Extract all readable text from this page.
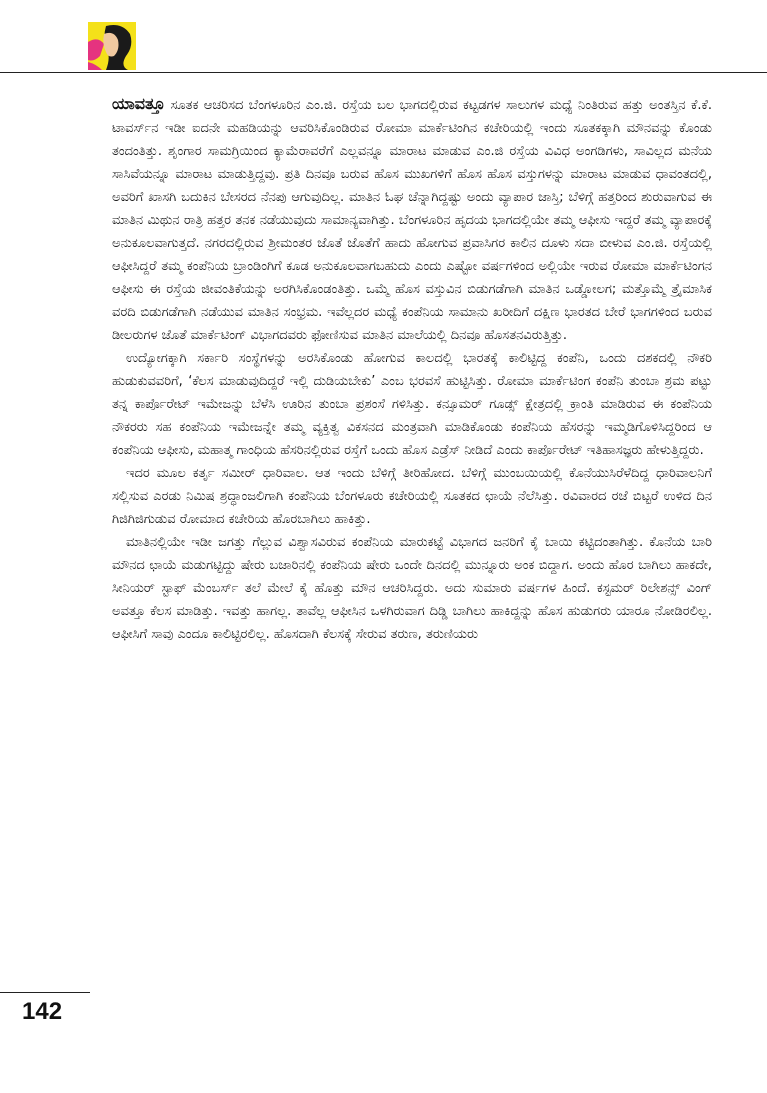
ಯಾವತ್ತೂ ಸೂತಕ ಆಚರಿಸದ ಬೆಂಗಳೂರಿನ ಎಂ.ಜಿ. ರಸ್ತೆಯ ಬಲ ಭಾಗದಲ್ಲಿರುವ ಕಟ್ಟಡಗಳ ಸಾಲುಗಳ ಮಧ್ಯೆ ನಿಂತಿರುವ ಹತ್ತು ಅಂತಸ್ತಿನ ಕೆ.ಕೆ. ಟಾವರ್ಸ್‌ನ ಇಡೀ ಐದನೇ ಮಹಡಿಯನ್ನು ಆವರಿಸಿಕೊಂಡಿರುವ ರೋಮಾ ಮಾರ್ಕೆಟಿಂಗಿನ ಕಚೇರಿಯಲ್ಲಿ ಇಂದು ಸೂತಕಕ್ಕಾಗಿ ಮೌನವನ್ನು ಕೊಂಡು ತಂದಂತಿತ್ತು. ಶೃಂಗಾರ ಸಾಮಗ್ರಿಯಿಂದ ಕ್ಯಾಮೆರಾವರೆಗೆ ಎಲ್ಲವನ್ನೂ ಮಾರಾಟ ಮಾಡುವ ಎಂ.ಜಿ ರಸ್ತೆಯ ವಿವಿಧ ಅಂಗಡಿಗಳು, ಸಾವಿಲ್ಲದ ಮನೆಯ ಸಾಸಿವೆಯನ್ನೂ ಮಾರಾಟ ಮಾಡುತ್ತಿದ್ದವು. ಪ್ರತಿ ದಿನವೂ ಬರುವ ಹೊಸ ಮುಖಗಳಿಗೆ ಹೊಸ ಹೊಸ ವಸ್ತುಗಳನ್ನು ಮಾರಾಟ ಮಾಡುವ ಧಾವಂತದಲ್ಲಿ, ಅವರಿಗೆ ಖಾಸಗಿ ಬದುಕಿನ ಬೇಸರದ ನೆನಪು ಆಗುವುದಿಲ್ಲ. ಮಾತಿನ ಓಘ ಚೆನ್ನಾಗಿದ್ದಷ್ಟು ಅಂದು ವ್ಯಾಪಾರ ಜಾಸ್ತಿ; ಬೆಳಿಗ್ಗೆ ಹತ್ತರಿಂದ ಶುರುವಾಗುವ ಈ ಮಾತಿನ ಮಿಥುನ ರಾತ್ರಿ ಹತ್ತರ ತನಕ ನಡೆಯುವುದು ಸಾಮಾನ್ಯವಾಗಿತ್ತು. ಬೆಂಗಳೂರಿನ ಹೃದಯ ಭಾಗದಲ್ಲಿಯೇ ತಮ್ಮ ಆಫೀಸು ಇದ್ದರೆ ತಮ್ಮ ವ್ಯಾಪಾರಕ್ಕೆ ಅನುಕೂಲವಾಗುತ್ತದೆ. ನಗರದಲ್ಲಿರುವ ಶ್ರೀಮಂತರ ಜೊತೆ ಜೊತೆಗೆ ಹಾದು ಹೋಗುವ ಪ್ರವಾಸಿಗರ ಕಾಲಿನ ದೂಳು ಸದಾ ಬೀಳುವ ಎಂ.ಜಿ. ರಸ್ತೆಯಲ್ಲಿ ಆಫೀಸಿದ್ದರೆ ತಮ್ಮ ಕಂಪೆನಿಯ ಬ್ರಾಂಡಿಂಗಿಗೆ ಕೂಡ ಅನುಕೂಲವಾಗಬಹುದು ಎಂದು ಎಷ್ಟೋ ವರ್ಷಗಳಿಂದ ಅಲ್ಲಿಯೇ ಇರುವ ರೋಮಾ ಮಾರ್ಕೆಟಿಂಗನ ಆಫೀಸು ಈ ರಸ್ತೆಯ ಜೀವಂತಿಕೆಯನ್ನು ಅರಗಿಸಿಕೊಂಡಂತಿತ್ತು. ಒಮ್ಮೆ ಹೊಸ ವಸ್ತುವಿನ ಬಿಡುಗಡೆಗಾಗಿ ಮಾತಿನ ಒಡ್ಡೋಲಗ; ಮತ್ತೊಮ್ಮೆ ತ್ರೈಮಾಸಿಕ ವರದಿ ಬಿಡುಗಡೆಗಾಗಿ ನಡೆಯುವ ಮಾತಿನ ಸಂಭ್ರಮ. ಇವೆಲ್ಲದರ ಮಧ್ಯೆ ಕಂಪೆನಿಯ ಸಾಮಾನು ಖರೀದಿಗೆ ದಕ್ಷಿಣ ಭಾರತದ ಬೇರೆ ಭಾಗಗಳಿಂದ ಬರುವ ಡೀಲರುಗಳ ಜೊತೆ ಮಾರ್ಕೆಟಿಂಗ್ ವಿಭಾಗದವರು ಫೋಣಿಸುವ ಮಾತಿನ ಮಾಲೆಯಲ್ಲಿ ದಿನವೂ ಹೊಸತನವಿರುತ್ತಿತ್ತು.

ಉದ್ಯೋಗಕ್ಕಾಗಿ ಸರ್ಕಾರಿ ಸಂಸ್ಥೆಗಳನ್ನು ಅರಸಿಕೊಂಡು ಹೋಗುವ ಕಾಲದಲ್ಲಿ ಭಾರತಕ್ಕೆ ಕಾಲಿಟ್ಟಿದ್ದ ಕಂಪೆನಿ, ಒಂದು ದಶಕದಲ್ಲಿ ನೌಕರಿ ಹುಡುಕುವವರಿಗೆ, ‘ಕೆಲಸ ಮಾಡುವುದಿದ್ದರೆ ಇಲ್ಲಿ ದುಡಿಯಬೇಕು’ ಎಂಬ ಭರವಸೆ ಹುಟ್ಟಿಸಿತ್ತು. ರೋಮಾ ಮಾರ್ಕೆಟಿಂಗ ಕಂಪೆನಿ ತುಂಬಾ ಶ್ರಮ ಪಟ್ಟು ತನ್ನ ಕಾರ್ಪೊರೇಟ್ ಇಮೇಜನ್ನು ಬೆಳೆಸಿ ಊರಿನ ತುಂಬಾ ಪ್ರಶಂಸೆ ಗಳಿಸಿತ್ತು. ಕನ್ಸೂಮರ್ ಗೂಡ್ಸ್ ಕ್ಷೇತ್ರದಲ್ಲಿ ಕ್ರಾಂತಿ ಮಾಡಿರುವ ಈ ಕಂಪೆನಿಯ ನೌಕರರು ಸಹ ಕಂಪೆನಿಯ ಇಮೇಜನ್ನೇ ತಮ್ಮ ವ್ಯಕ್ತಿತ್ವ ವಿಕಸನದ ಮಂತ್ರವಾಗಿ ಮಾಡಿಕೊಂಡು ಕಂಪೆನಿಯ ಹೆಸರನ್ನು ಇಮ್ಮಡಿಗೊಳಿಸಿದ್ದರಿಂದ ಆ ಕಂಪೆನಿಯ ಆಫೀಸು, ಮಹಾತ್ಮ ಗಾಂಧಿಯ ಹೆಸರಿನಲ್ಲಿರುವ ರಸ್ತೆಗೆ ಒಂದು ಹೊಸ ಎಡ್ರೆಸ್ ನೀಡಿದೆ ಎಂದು ಕಾರ್ಪೊರೇಟ್ ಇತಿಹಾಸಜ್ಞರು ಹೇಳುತ್ತಿದ್ದರು.

ಇದರ ಮೂಲ ಕರ್ತೃ ಸಮೀರ್ ಧಾರಿವಾಲ. ಆತ ಇಂದು ಬೆಳಿಗ್ಗೆ ತೀರಿಹೋದ. ಬೆಳಿಗ್ಗೆ ಮುಂಬಯಿಯಲ್ಲಿ ಕೊನೆಯುಸಿರೆಳೆದಿದ್ದ ಧಾರಿವಾಲನಿಗೆ ಸಲ್ಲಿಸುವ ಎರಡು ನಿಮಿಷ ಶ್ರದ್ಧಾಂಜಲಿಗಾಗಿ ಕಂಪೆನಿಯ ಬೆಂಗಳೂರು ಕಚೇರಿಯಲ್ಲಿ ಸೂತಕದ ಛಾಯೆ ನೆಲೆಸಿತ್ತು. ರವಿವಾರದ ರಜೆ ಬಿಟ್ಟರೆ ಉಳಿದ ದಿನ ಗಿಜಿಗಿಜಿಗುಡುವ ರೋಮಾದ ಕಚೇರಿಯ ಹೊರಬಾಗಿಲು ಹಾಕಿತ್ತು.

ಮಾತಿನಲ್ಲಿಯೇ ಇಡೀ ಜಗತ್ತು ಗೆಲ್ಲುವ ವಿಶ್ವಾಸವಿರುವ ಕಂಪೆನಿಯ ಮಾರುಕಟ್ಟೆ ವಿಭಾಗದ ಜನರಿಗೆ ಕೈ ಬಾಯಿ ಕಟ್ಟಿದಂತಾಗಿತ್ತು. ಕೊನೆಯ ಬಾರಿ ಮೌನದ ಛಾಯೆ ಮಡುಗಟ್ಟಿದ್ದು ಷೇರು ಬಜಾರಿನಲ್ಲಿ ಕಂಪೆನಿಯ ಷೇರು ಒಂದೇ ದಿನದಲ್ಲಿ ಮುನ್ನೂರು ಅಂಕ ಬಿದ್ದಾಗ. ಅಂದು ಹೊರ ಬಾಗಿಲು ಹಾಕದೇ, ಸೀನಿಯರ್ ಸ್ಟಾಫ್ ಮೆಂಬರ್ಸ್ ತಲೆ ಮೇಲೆ ಕೈ ಹೊತ್ತು ಮೌನ ಆಚರಿಸಿದ್ದರು. ಅದು ಸುಮಾರು ವರ್ಷಗಳ ಹಿಂದೆ. ಕಸ್ಟಮರ್ ರಿಲೇಶನ್ಸ್ ವಿಂಗ್ ಅವತ್ತೂ ಕೆಲಸ ಮಾಡಿತ್ತು. ಇವತ್ತು ಹಾಗಲ್ಲ. ತಾವೆಲ್ಲ ಆಫೀಸಿನ ಒಳಗಿರುವಾಗ ದಿಡ್ಡಿ ಬಾಗಿಲು ಹಾಕಿದ್ದನ್ನು ಹೊಸ ಹುಡುಗರು ಯಾರೂ ನೋಡಿರಲಿಲ್ಲ. ಆಫೀಸಿಗೆ ಸಾವು ಎಂದೂ ಕಾಲಿಟ್ಟಿರಲಿಲ್ಲ. ಹೊಸದಾಗಿ ಕೆಲಸಕ್ಕೆ ಸೇರುವ ತರುಣ, ತರುಣಿಯರು

142
